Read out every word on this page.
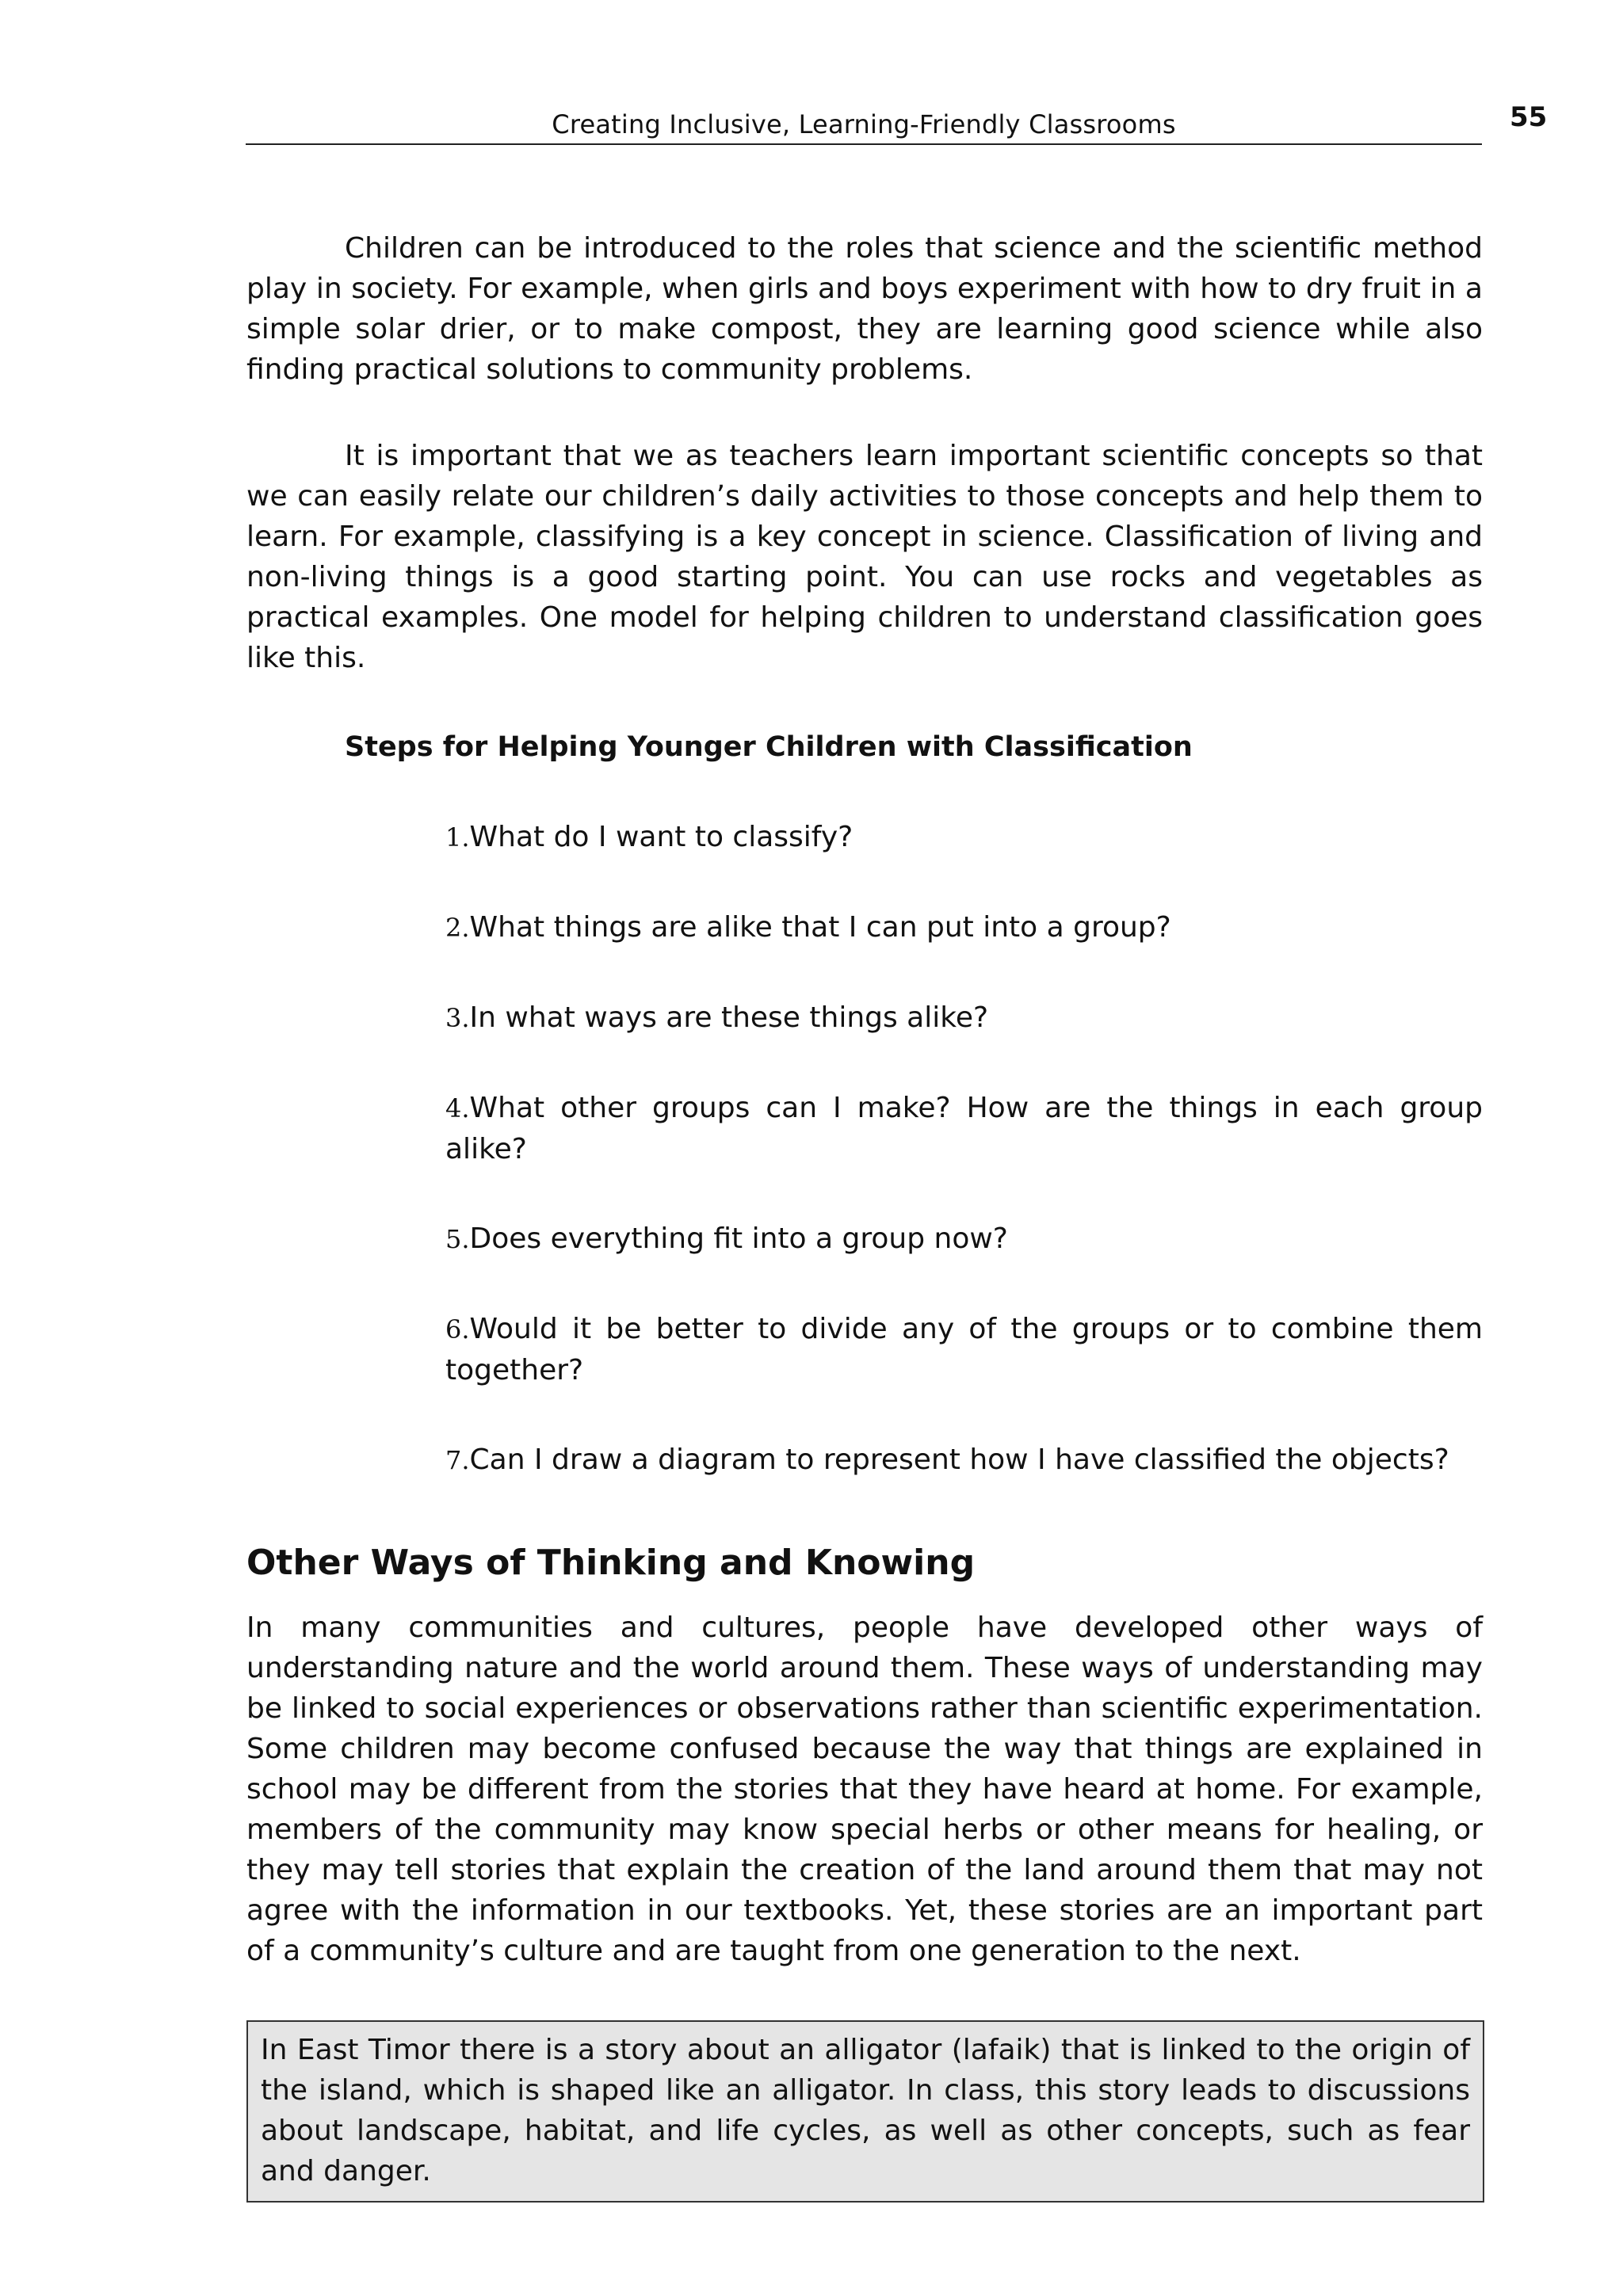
Creating Inclusive, Learning-Friendly Classrooms	55

Children can be introduced to the roles that science and the scientific method play in society. For example, when girls and boys experiment with how to dry fruit in a simple solar drier, or to make compost, they are learning good science while also finding practical solutions to community problems.

It is important that we as teachers learn important scientific concepts so that we can easily relate our children’s daily activities to those concepts and help them to learn. For example, classifying is a key concept in science. Classification of living and non-living things is a good starting point. You can use rocks and vegetables as practical examples. One model for helping children to understand classification goes like this.

Steps for Helping Younger Children with Classification

1.What do I want to classify?
2.What things are alike that I can put into a group?
3.In what ways are these things alike?
4.What other groups can I make? How are the things in each group alike?
5.Does everything fit into a group now?
6.Would it be better to divide any of the groups or to combine them together?
7.Can I draw a diagram to represent how I have classified the objects?
Other Ways of Thinking and Knowing

In many communities and cultures, people have developed other ways of understanding nature and the world around them. These ways of understanding may be linked to social experiences or observations rather than scientific experimentation. Some children may become confused because the way that things are explained in school may be different from the stories that they have heard at home. For example, members of the community may know special herbs or other means for healing, or they may tell stories that explain the creation of the land around them that may not agree with the information in our textbooks. Yet, these stories are an important part of a community’s culture and are taught from one generation to the next.

In East Timor there is a story about an alligator (lafaik) that is linked to the origin of the island, which is shaped like an alligator. In class, this story leads to discussions about landscape, habitat, and life cycles, as well as other concepts, such as fear and danger.
